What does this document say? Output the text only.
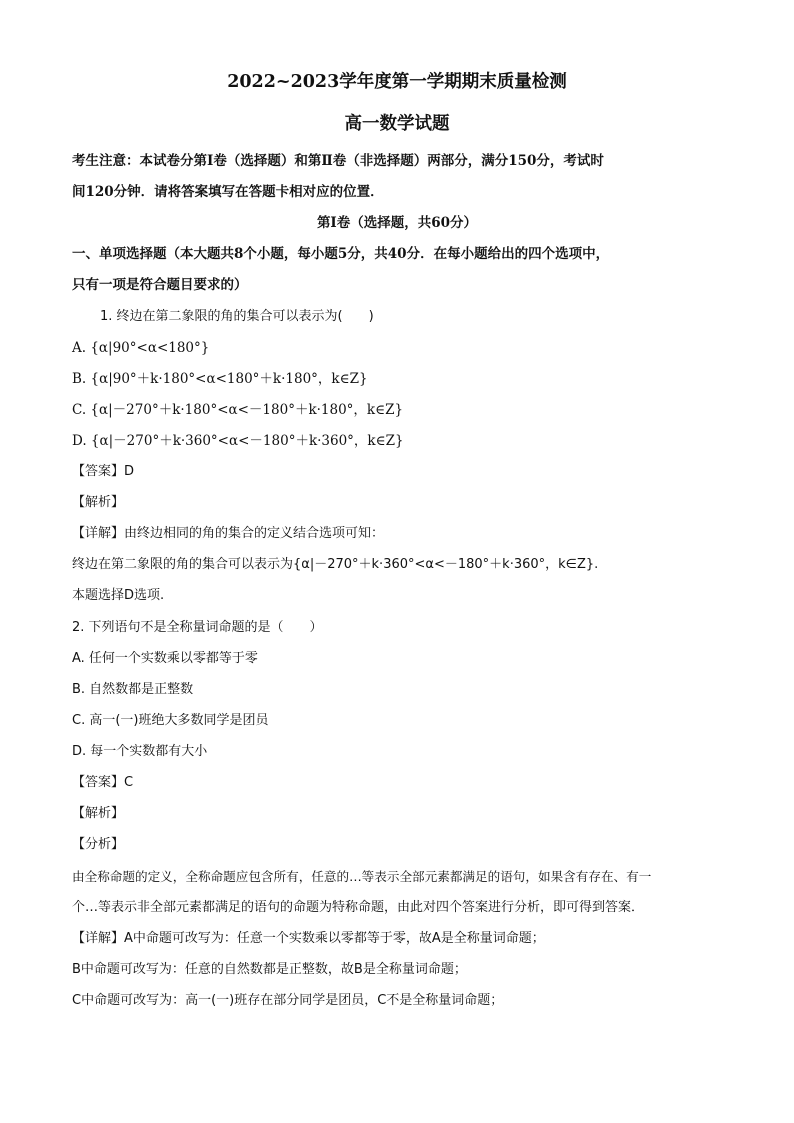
2022~2023学年度第一学期期末质量检测
高一数学试题
考生注意：本试卷分第Ⅰ卷（选择题）和第Ⅱ卷（非选择题）两部分，满分150分，考试时
间120分钟．请将答案填写在答题卡相对应的位置．
第Ⅰ卷（选择题，共60分）
一、单项选择题（本大题共8个小题，每小题5分，共40分．在每小题给出的四个选项中，
只有一项是符合题目要求的）
1. 终边在第二象限的角的集合可以表示为(　　)
A. {α|90°<α<180°}
B. {α|90°＋k·180°<α<180°＋k·180°，k∈Z}
C. {α|－270°＋k·180°<α<－180°＋k·180°，k∈Z}
D. {α|－270°＋k·360°<α<－180°＋k·360°，k∈Z}
【答案】D
【解析】
【详解】由终边相同的角的集合的定义结合选项可知：
终边在第二象限的角的集合可以表示为{α|－270°＋k·360°<α<－180°＋k·360°，k∈Z}.
本题选择D选项.
2. 下列语句不是全称量词命题的是（　　）
A. 任何一个实数乘以零都等于零
B. 自然数都是正整数
C. 高一(一)班绝大多数同学是团员
D. 每一个实数都有大小
【答案】C
【解析】
【分析】
由全称命题的定义，全称命题应包含所有，任意的…等表示全部元素都满足的语句，如果含有存在、有一
个…等表示非全部元素都满足的语句的命题为特称命题，由此对四个答案进行分析，即可得到答案．
【详解】A中命题可改写为：任意一个实数乘以零都等于零，故A是全称量词命题；
B中命题可改写为：任意的自然数都是正整数，故B是全称量词命题；
C中命题可改写为：高一(一)班存在部分同学是团员，C不是全称量词命题；
